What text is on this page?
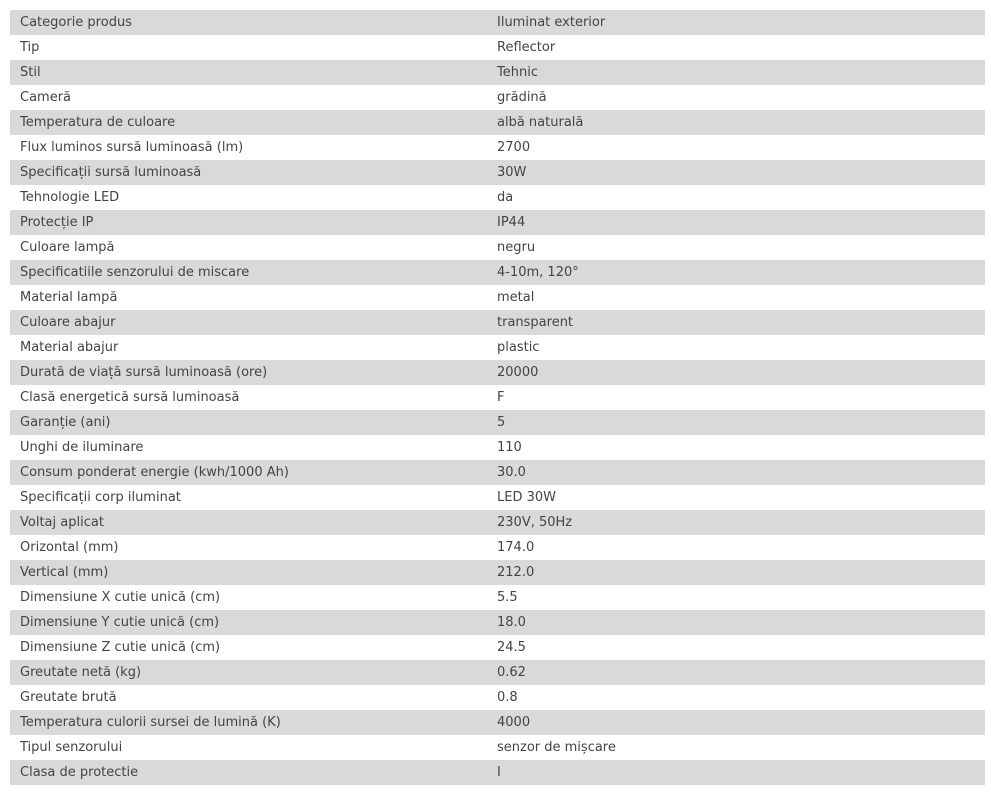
Categorie produs	Iluminat exterior
Tip	Reflector
Stil	Tehnic
Cameră	grădină
Temperatura de culoare	albă naturală
Flux luminos sursă luminoasă (lm)	2700
Specificații sursă luminoasă	30W
Tehnologie LED	da
Protecție IP	IP44
Culoare lampă	negru
Specificatiile senzorului de miscare	4-10m, 120°
Material lampă	metal
Culoare abajur	transparent
Material abajur	plastic
Durată de viață sursă luminoasă (ore)	20000
Clasă energetică sursă luminoasă	F
Garanție (ani)	5
Unghi de iluminare	110
Consum ponderat energie (kwh/1000 Ah)	30.0
Specificații corp iluminat	LED 30W
Voltaj aplicat	230V, 50Hz
Orizontal (mm)	174.0
Vertical (mm)	212.0
Dimensiune X cutie unică (cm)	5.5
Dimensiune Y cutie unică (cm)	18.0
Dimensiune Z cutie unică (cm)	24.5
Greutate netă (kg)	0.62
Greutate brută	0.8
Temperatura culorii sursei de lumină (K)	4000
Tipul senzorului	senzor de mișcare
Clasa de protectie	I
